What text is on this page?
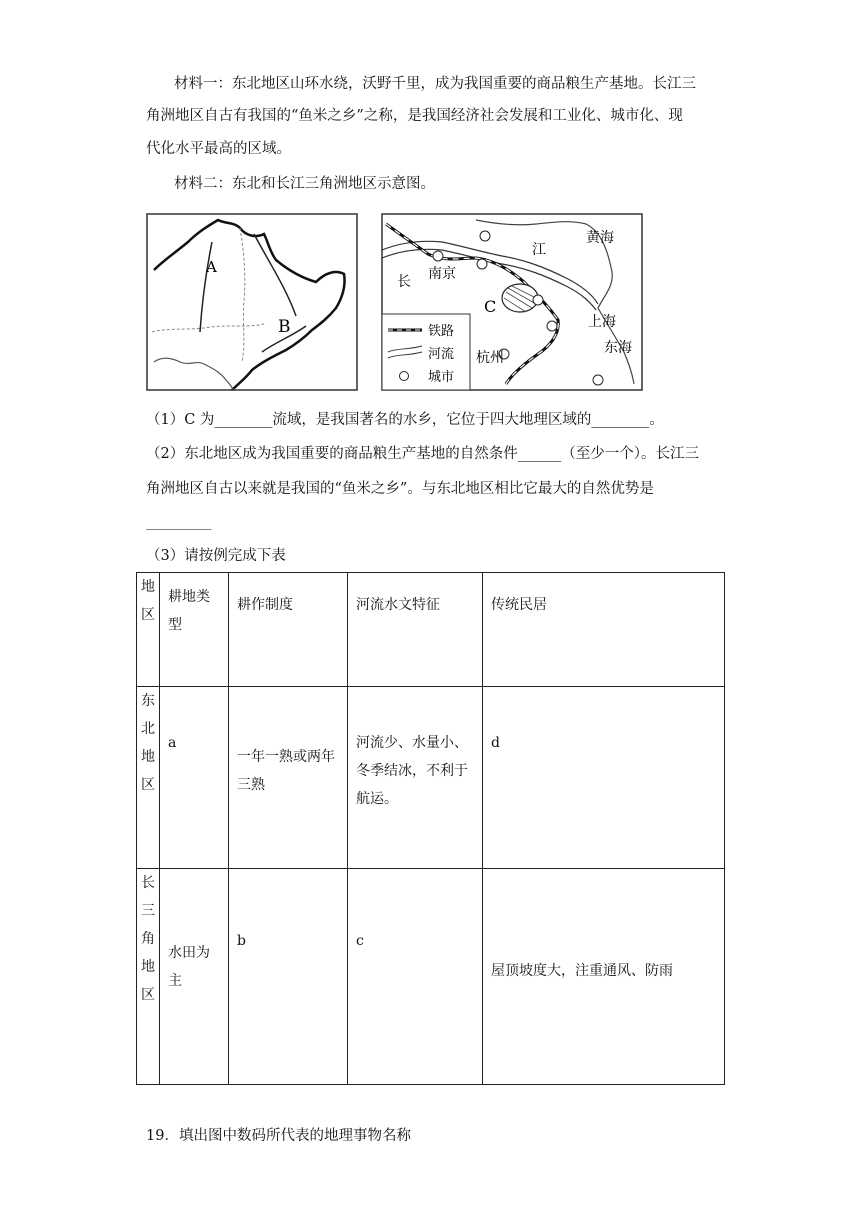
材料一：东北地区山环水绕，沃野千里，成为我国重要的商品粮生产基地。长江三
角洲地区自古有我国的“鱼米之乡”之称，是我国经济社会发展和工业化、城市化、现
代化水平最高的区域。
材料二：东北和长江三角洲地区示意图。
A
B
江
长
黄海
南京
C
上海
东海
杭州
铁路
河流
城市
（1）C 为________流域，是我国著名的水乡，它位于四大地理区域的________。
（2）东北地区成为我国重要的商品粮生产基地的自然条件______（至少一个）。长江三
角洲地区自古以来就是我国的“鱼米之乡”。与东北地区相比它最大的自然优势是
_________
（3）请按例完成下表
地
区	耕地类型	耕作制度	河流水文特征	传统民居

东
北
地
区	a	一年一熟或两年三熟	河流少、水量小、冬季结冰，不利于航运。	d

长
三
角
地
区	水田为主	b	c	屋顶坡度大，注重通风、防雨
19．填出图中数码所代表的地理事物名称
